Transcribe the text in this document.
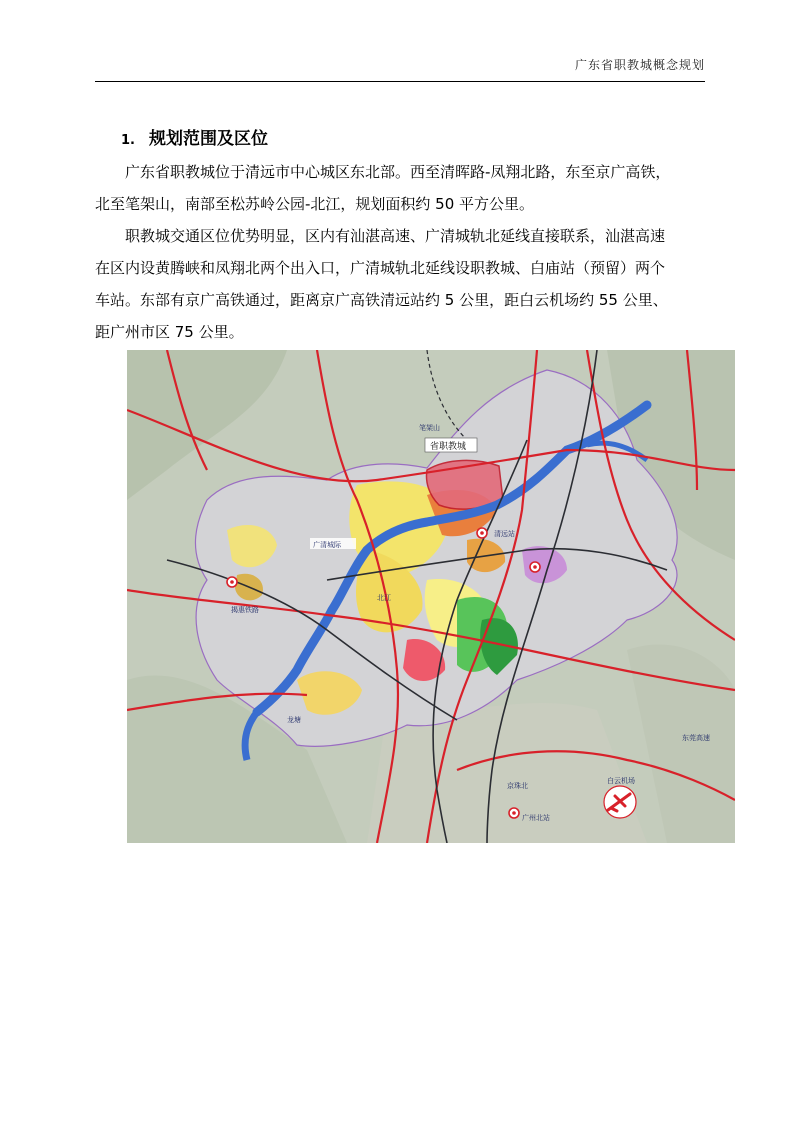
广东省职教城概念规划
1. 规划范围及区位
广东省职教城位于清远市中心城区东北部。西至清晖路-凤翔北路，东至京广高铁，
北至笔架山，南部至松苏岭公园-北江，规划面积约 50 平方公里。
职教城交通区位优势明显，区内有汕湛高速、广清城轨北延线直接联系，汕湛高速
在区内设黄腾峡和凤翔北两个出入口，广清城轨北延线设职教城、白庙站（预留）两个
车站。东部有京广高铁通过，距离京广高铁清远站约 5 公里，距白云机场约 55 公里、
距广州市区 75 公里。
笔架山
省职教城
清远站
广清城际
揭惠铁路
北江
广州北站
白云机场
龙塘
东莞高速
京珠北
